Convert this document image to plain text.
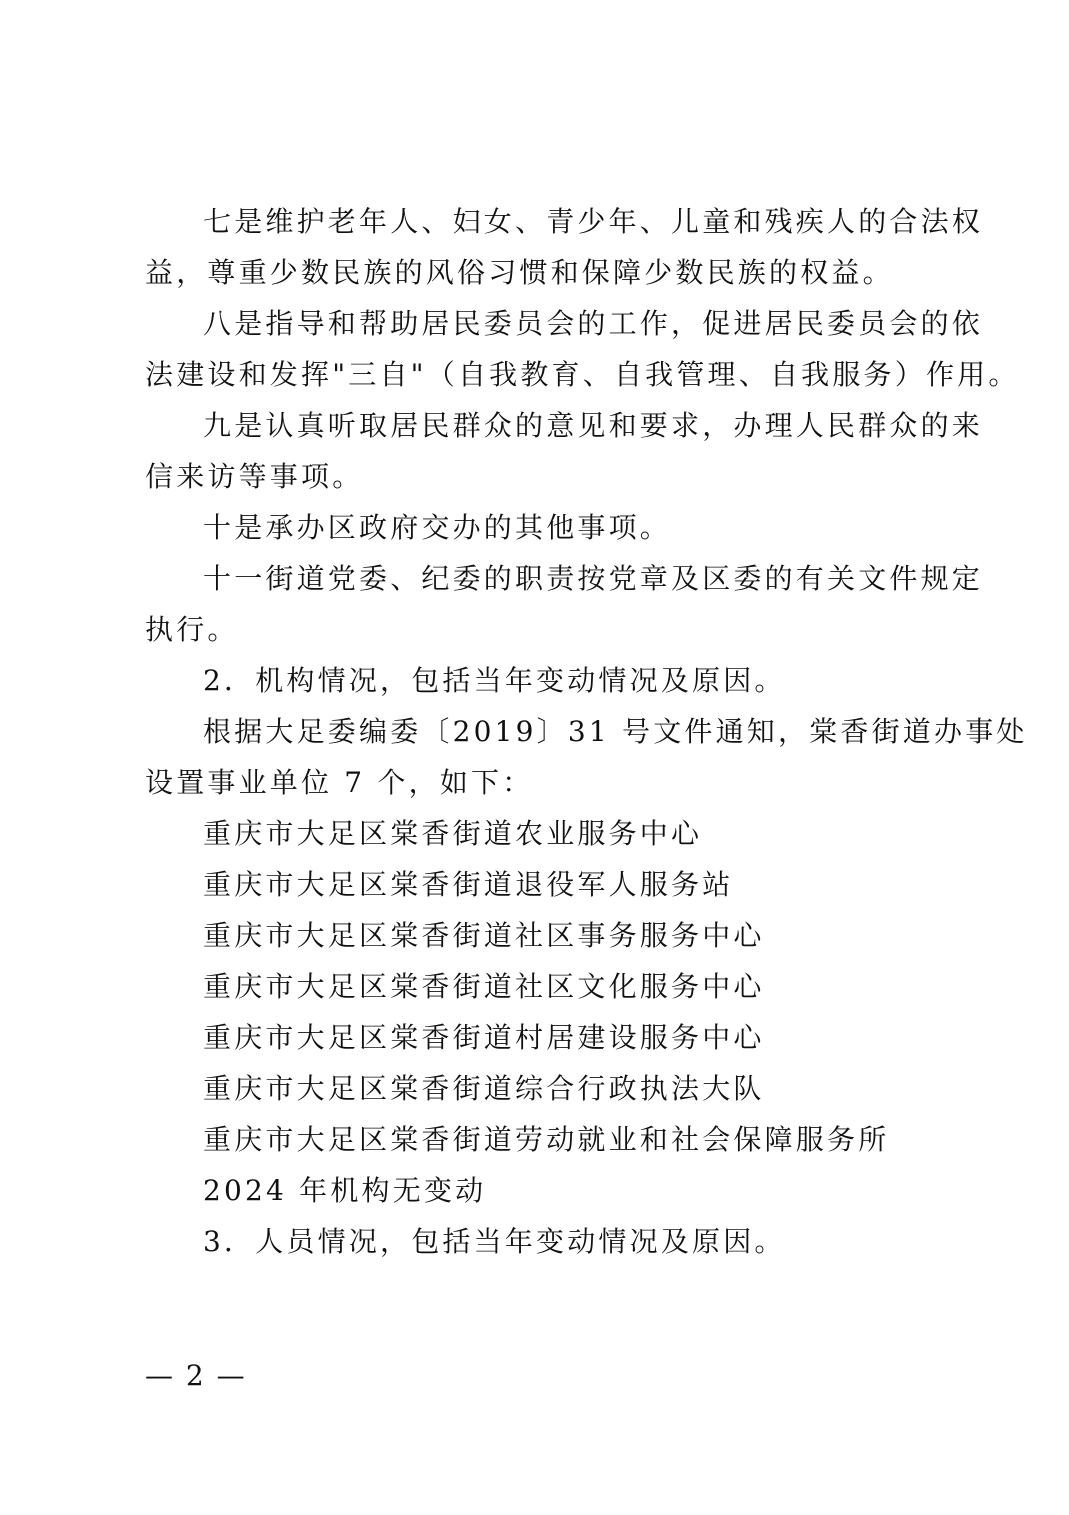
七是维护老年人、妇女、青少年、儿童和残疾人的合法权
益，尊重少数民族的风俗习惯和保障少数民族的权益。
八是指导和帮助居民委员会的工作，促进居民委员会的依
法建设和发挥"三自"（自我教育、自我管理、自我服务）作用。
九是认真听取居民群众的意见和要求，办理人民群众的来
信来访等事项。
十是承办区政府交办的其他事项。
十一街道党委、纪委的职责按党章及区委的有关文件规定
执行。
2．机构情况，包括当年变动情况及原因。
根据大足委编委〔2019〕31 号文件通知，棠香街道办事处
设置事业单位 7 个，如下：
重庆市大足区棠香街道农业服务中心
重庆市大足区棠香街道退役军人服务站
重庆市大足区棠香街道社区事务服务中心
重庆市大足区棠香街道社区文化服务中心
重庆市大足区棠香街道村居建设服务中心
重庆市大足区棠香街道综合行政执法大队
重庆市大足区棠香街道劳动就业和社会保障服务所
2024 年机构无变动
3．人员情况，包括当年变动情况及原因。
— 2 —
